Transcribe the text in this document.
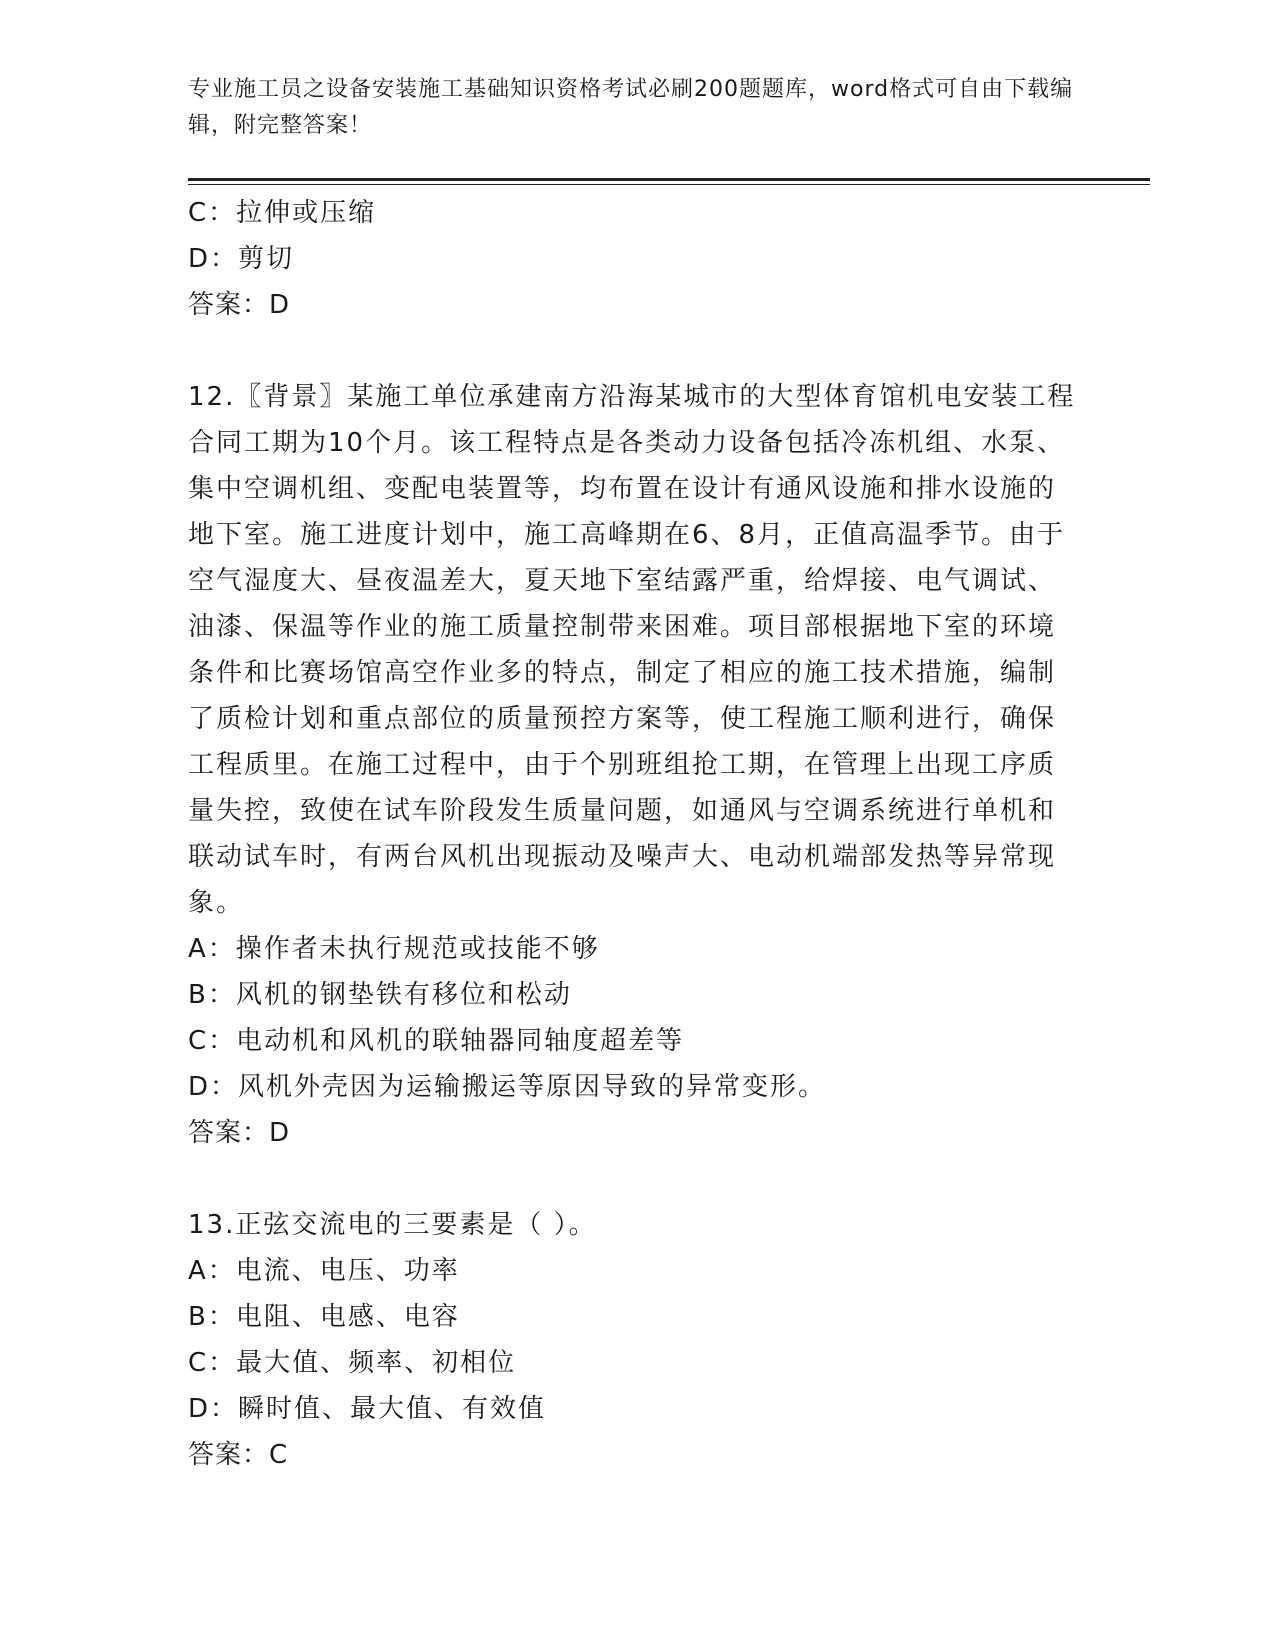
专业施工员之设备安装施工基础知识资格考试必刷200题题库，word格式可自由下载编辑，附完整答案！
C：拉伸或压缩
D：剪切
答案：D
12.〖背景〗某施工单位承建南方沿海某城市的大型体育馆机电安装工程合同工期为10个月。该工程特点是各类动力设备包括冷冻机组、水泵、集中空调机组、变配电装置等，均布置在设计有通风设施和排水设施的地下室。施工进度计划中，施工高峰期在6、8月，正值高温季节。由于空气湿度大、昼夜温差大，夏天地下室结露严重，给焊接、电气调试、油漆、保温等作业的施工质量控制带来困难。项目部根据地下室的环境条件和比赛场馆高空作业多的特点，制定了相应的施工技术措施，编制了质检计划和重点部位的质量预控方案等，使工程施工顺利进行，确保工程质里。在施工过程中，由于个别班组抢工期，在管理上出现工序质量失控，致使在试车阶段发生质量问题，如通风与空调系统进行单机和联动试车时，有两台风机出现振动及噪声大、电动机端部发热等异常现象。
A：操作者未执行规范或技能不够
B：风机的钢垫铁有移位和松动
C：电动机和风机的联轴器同轴度超差等
D：风机外壳因为运输搬运等原因导致的异常变形。
答案：D
13.正弦交流电的三要素是（ ）。
A：电流、电压、功率
B：电阻、电感、电容
C：最大值、频率、初相位
D：瞬时值、最大值、有效值
答案：C
